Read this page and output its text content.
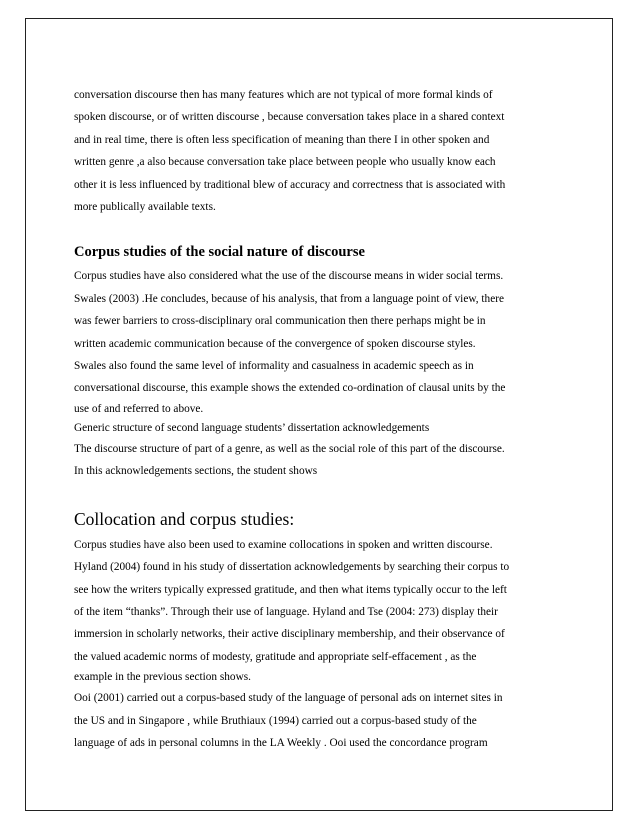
conversation discourse then has many features which are not typical of more formal kinds of
spoken discourse, or of written discourse , because conversation takes place in a shared context
and in real time, there is often less specification of meaning than there I in other spoken and
written genre ,a also because conversation take place between people who usually know each
other it is less influenced by traditional blew of accuracy and correctness that is associated with
more publically available texts.
Corpus studies of the social nature of discourse
Corpus studies have also considered what the use of the discourse means in wider social terms.
Swales (2003) .He concludes, because of his analysis, that from a language point of view, there
was fewer barriers to cross-disciplinary oral communication then there perhaps might be in
written academic communication because of the convergence of spoken discourse styles.
Swales also found the same level of informality and casualness in academic speech as in
conversational discourse, this example shows the extended co-ordination of clausal units by the
use of and referred to above.
Generic structure of second language students’ dissertation acknowledgements
The discourse structure of part of a genre, as well as the social role of this part of the discourse.
In this acknowledgements sections, the student shows
Collocation and corpus studies:
Corpus studies have also been used to examine collocations in spoken and written discourse.
Hyland (2004) found in his study of dissertation acknowledgements by searching their corpus to
see how the writers typically expressed gratitude, and then what items typically occur to the left
of the item “thanks”. Through their use of language. Hyland and Tse (2004: 273) display their
immersion in scholarly networks, their active disciplinary membership, and their observance of
the valued academic norms of modesty, gratitude and appropriate self-effacement , as the
example in the previous section shows.
Ooi (2001) carried out a corpus-based study of the language of personal ads on internet sites in
the US and in Singapore , while Bruthiaux (1994) carried out a corpus-based study of the
language of ads in personal columns in the LA Weekly . Ooi used the concordance program
